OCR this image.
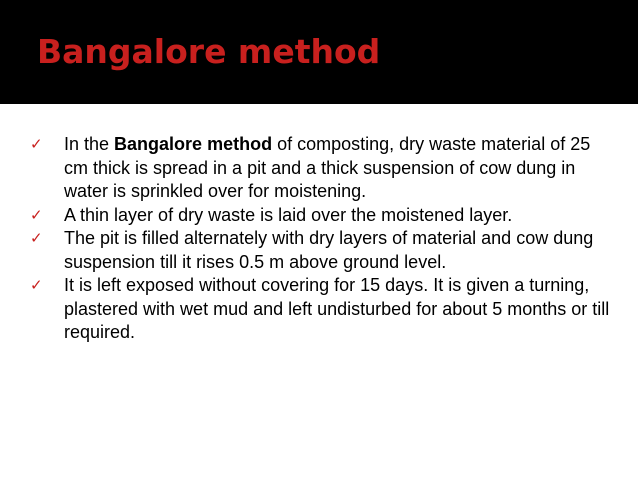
Bangalore method
✓	In the Bangalore method of composting, dry waste material of 25 cm thick is spread in a pit and a thick suspension of cow dung in water is sprinkled over for moistening.
✓	A thin layer of dry waste is laid over the moistened layer.
✓	The pit is filled alternately with dry layers of material and cow dung suspension till it rises 0.5 m above ground level.
✓	It is left exposed without covering for 15 days. It is given a turning, plastered with wet mud and left undisturbed for about 5 months or till required.
